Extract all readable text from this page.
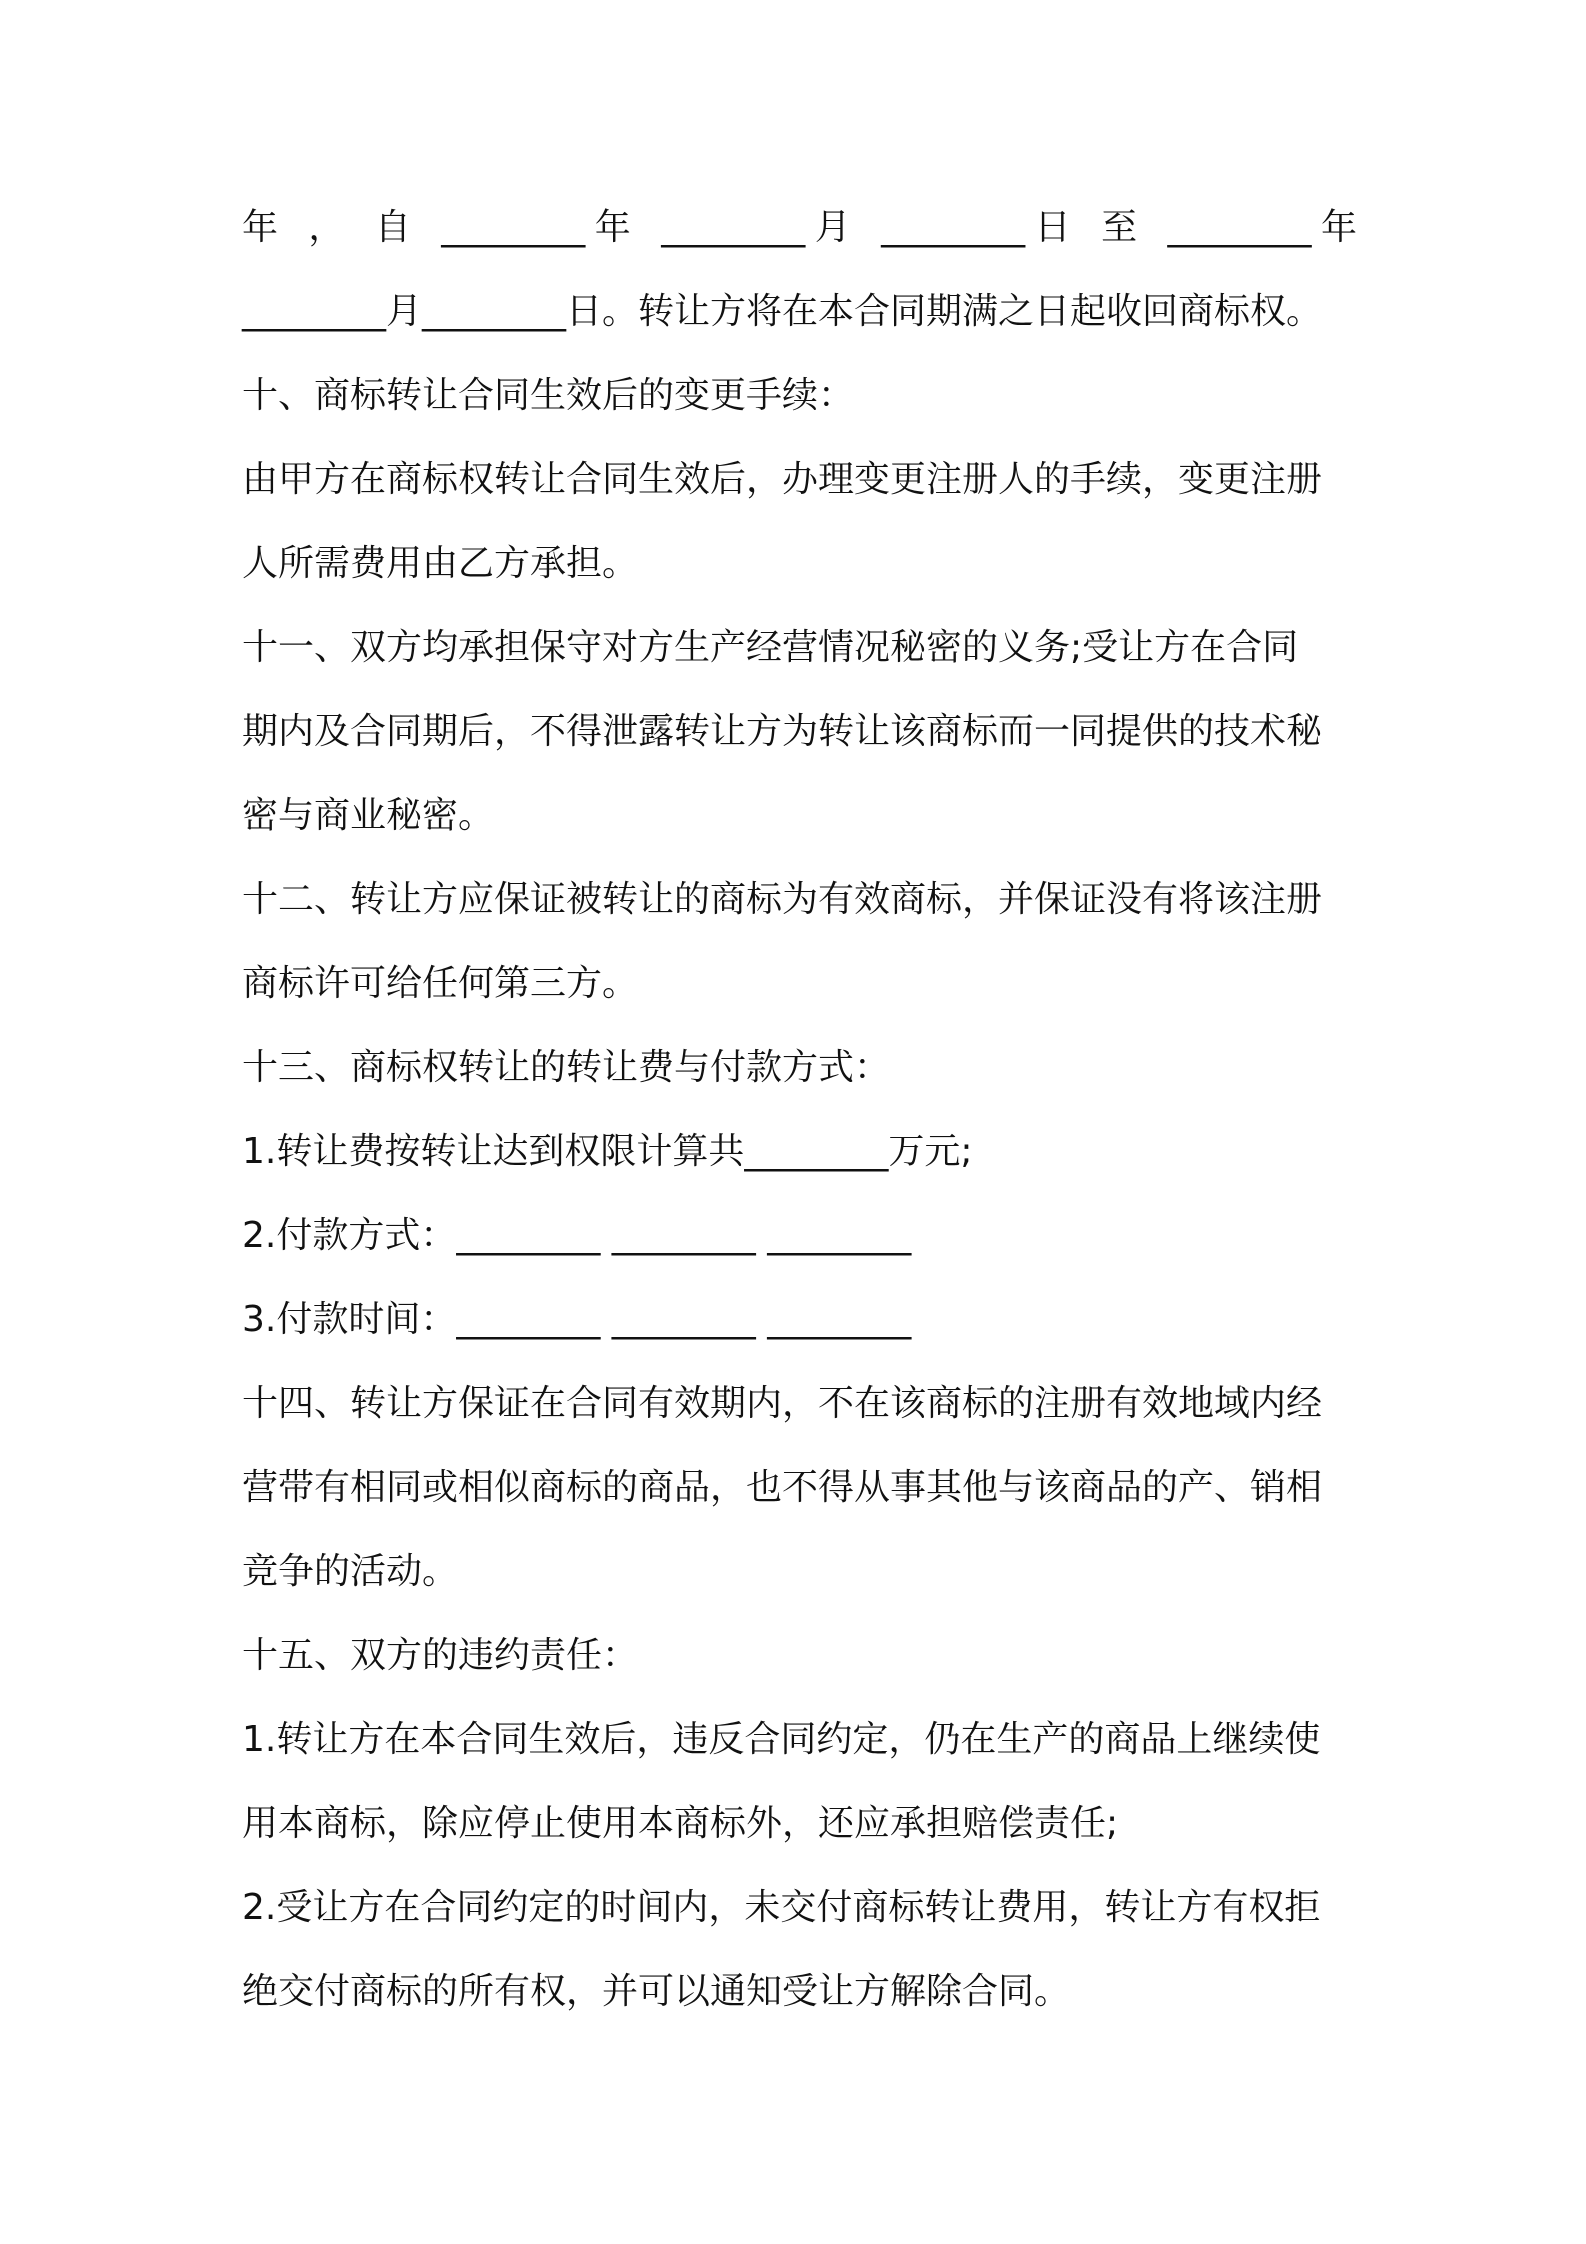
年 ， 自 ________年 ________月 ________日 至 ________年
________月________日。转让方将在本合同期满之日起收回商标权。
十、商标转让合同生效后的变更手续：
由甲方在商标权转让合同生效后，办理变更注册人的手续，变更注册
人所需费用由乙方承担。
十一、双方均承担保守对方生产经营情况秘密的义务;受让方在合同
期内及合同期后，不得泄露转让方为转让该商标而一同提供的技术秘
密与商业秘密。
十二、转让方应保证被转让的商标为有效商标，并保证没有将该注册
商标许可给任何第三方。
十三、商标权转让的转让费与付款方式：
1.转让费按转让达到权限计算共________万元;
2.付款方式：________ ________ ________
3.付款时间：________ ________ ________
十四、转让方保证在合同有效期内，不在该商标的注册有效地域内经
营带有相同或相似商标的商品，也不得从事其他与该商品的产、销相
竞争的活动。
十五、双方的违约责任：
1.转让方在本合同生效后，违反合同约定，仍在生产的商品上继续使
用本商标，除应停止使用本商标外，还应承担赔偿责任;
2.受让方在合同约定的时间内，未交付商标转让费用，转让方有权拒
绝交付商标的所有权，并可以通知受让方解除合同。
